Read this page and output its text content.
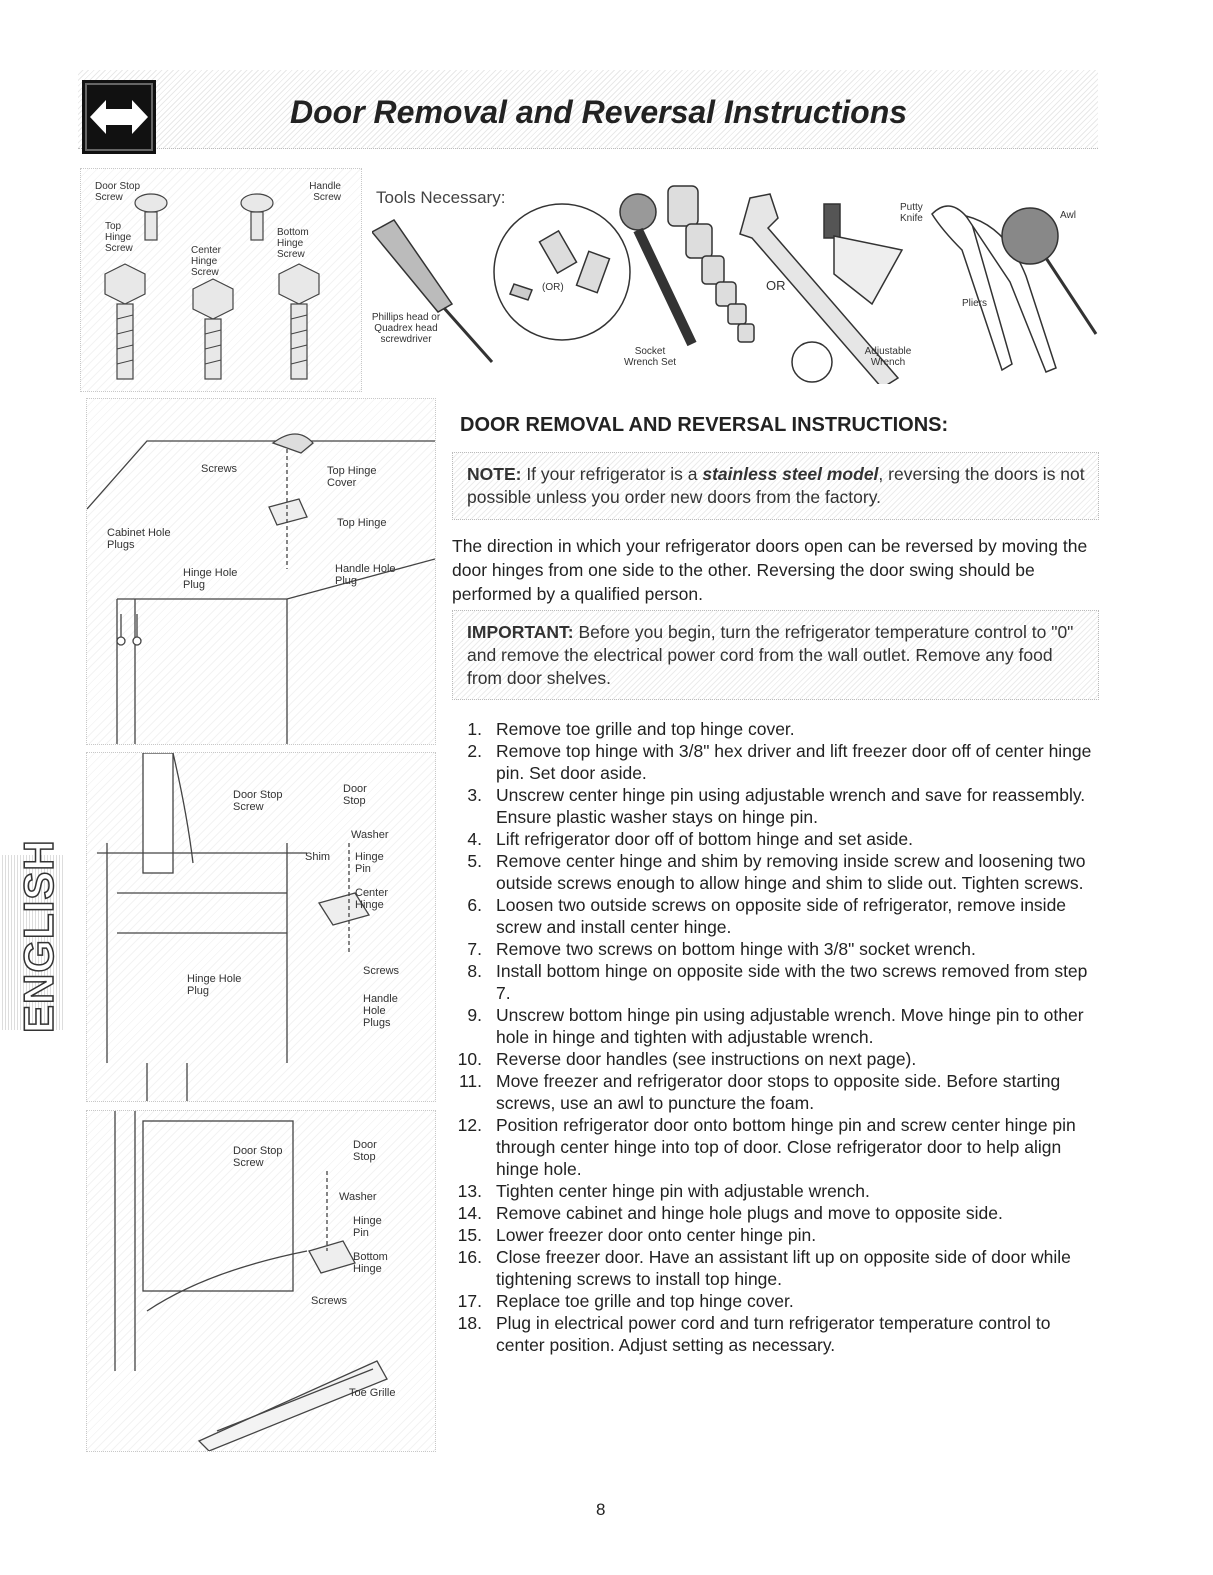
Door Removal and Reversal Instructions
ENGLISH
Door Stop Screw
Handle Screw
Top Hinge Screw	Center Hinge Screw
Bottom Hinge Screw
Tools Necessary:
Phillips head or Quadrex head screwdriver
(OR)
Socket Wrench Set
OR
Adjustable Wrench
Putty Knife
Pliers
Awl
Screws	Top Hinge Cover
Top Hinge
Cabinet Hole Plugs
Hinge Hole Plug
Handle Hole Plug
Door Stop Screw
Door Stop
Washer
Shim Hinge Pin
Center Hinge
Screws
Hinge Hole Plug
Handle Hole Plugs
Door Stop Screw
Door Stop
Washer
Hinge Pin
Bottom Hinge
Screws
Toe Grille
DOOR REMOVAL AND REVERSAL INSTRUCTIONS:
NOTE: If your refrigerator is a stainless steel model, reversing the doors is not possible unless you order new doors from the factory.
The direction in which your refrigerator doors open can be reversed by moving the door hinges from one side to the other. Reversing the door swing should be performed by a qualified person.
IMPORTANT: Before you begin, turn the refrigerator temperature control to "0" and remove the electrical power cord from the wall outlet. Remove any food from door shelves.
1. Remove toe grille and top hinge cover.
2. Remove top hinge with 3/8" hex driver and lift freezer door off of center hinge pin. Set door aside.
3. Unscrew center hinge pin using adjustable wrench and save for reassembly. Ensure plastic washer stays on hinge pin.
4. Lift refrigerator door off of bottom hinge and set aside.
5. Remove center hinge and shim by removing inside screw and loosening two outside screws enough to allow hinge and shim to slide out. Tighten screws.
6. Loosen two outside screws on opposite side of refrigerator, remove inside screw and install center hinge.
7. Remove two screws on bottom hinge with 3/8" socket wrench.
8. Install bottom hinge on opposite side with the two screws removed from step 7.
9. Unscrew bottom hinge pin using adjustable wrench. Move hinge pin to other hole in hinge and tighten with adjustable wrench.
10. Reverse door handles (see instructions on next page).
11. Move freezer and refrigerator door stops to opposite side. Before starting screws, use an awl to puncture the foam.
12. Position refrigerator door onto bottom hinge pin and screw center hinge pin through center hinge into top of door. Close refrigerator door to help align hinge hole.
13. Tighten center hinge pin with adjustable wrench.
14. Remove cabinet and hinge hole plugs and move to opposite side.
15. Lower freezer door onto center hinge pin.
16. Close freezer door. Have an assistant lift up on opposite side of door while tightening screws to install top hinge.
17. Replace toe grille and top hinge cover.
18. Plug in electrical power cord and turn refrigerator temperature control to center position. Adjust setting as necessary.
8
